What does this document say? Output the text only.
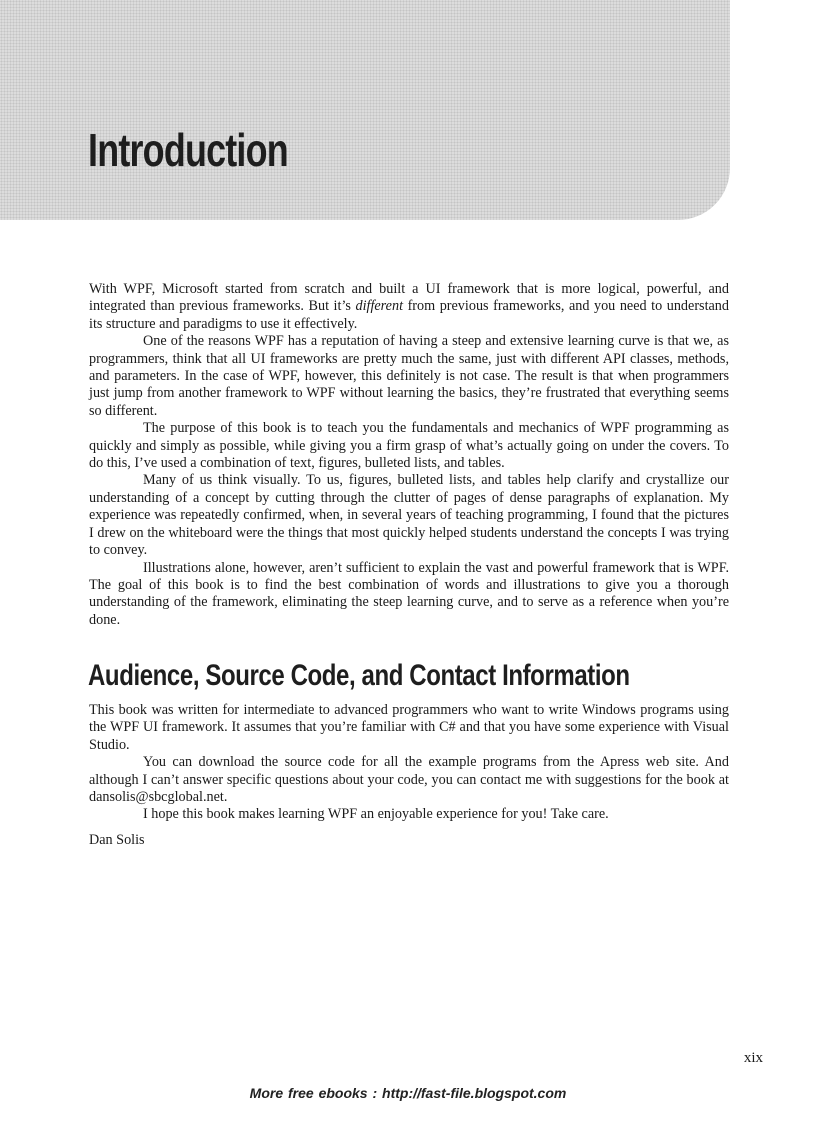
Introduction

With WPF, Microsoft started from scratch and built a UI framework that is more logical, powerful, and integrated than previous frameworks. But it’s different from previous frameworks, and you need to understand its structure and paradigms to use it effectively.

One of the reasons WPF has a reputation of having a steep and extensive learning curve is that we, as programmers, think that all UI frameworks are pretty much the same, just with different API classes, methods, and parameters. In the case of WPF, however, this definitely is not case. The result is that when programmers just jump from another framework to WPF without learning the basics, they’re frustrated that everything seems so different.

The purpose of this book is to teach you the fundamentals and mechanics of WPF programming as quickly and simply as possible, while giving you a firm grasp of what’s actually going on under the covers. To do this, I’ve used a combination of text, figures, bulleted lists, and tables.

Many of us think visually. To us, figures, bulleted lists, and tables help clarify and crystallize our understanding of a concept by cutting through the clutter of pages of dense paragraphs of explanation. My experience was repeatedly confirmed, when, in several years of teaching programming, I found that the pictures I drew on the whiteboard were the things that most quickly helped students understand the concepts I was trying to convey.

Illustrations alone, however, aren’t sufficient to explain the vast and powerful framework that is WPF. The goal of this book is to find the best combination of words and illustrations to give you a thorough understanding of the framework, eliminating the steep learning curve, and to serve as a reference when you’re done.

Audience, Source Code, and Contact Information

This book was written for intermediate to advanced programmers who want to write Windows programs using the WPF UI framework. It assumes that you’re familiar with C# and that you have some experience with Visual Studio.

You can download the source code for all the example programs from the Apress web site. And although I can’t answer specific questions about your code, you can contact me with suggestions for the book at dansolis@sbcglobal.net.

I hope this book makes learning WPF an enjoyable experience for you! Take care.

Dan Solis

xix
More free ebooks : http://fast-file.blogspot.com
